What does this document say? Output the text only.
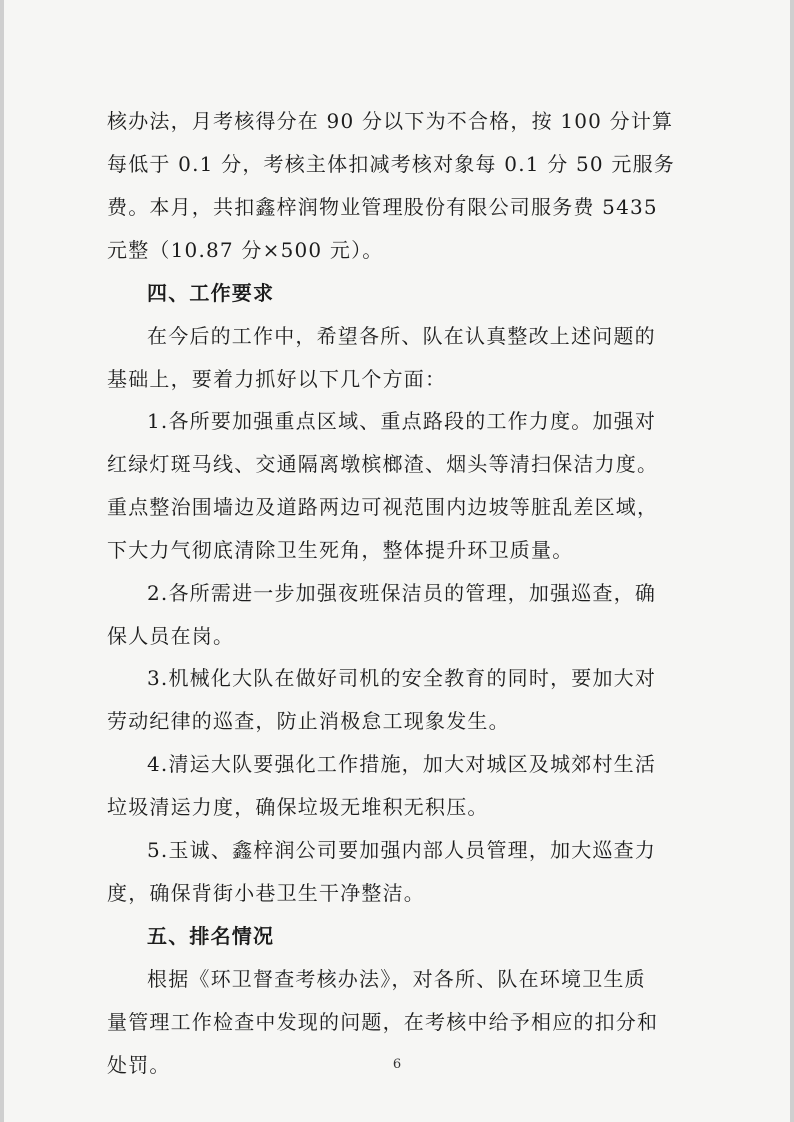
核办法，月考核得分在 90 分以下为不合格，按 100 分计算
每低于 0.1 分，考核主体扣减考核对象每 0.1 分 50 元服务
费。本月，共扣鑫梓润物业管理股份有限公司服务费 5435
元整（10.87 分×500 元）。
四、工作要求
在今后的工作中，希望各所、队在认真整改上述问题的
基础上，要着力抓好以下几个方面：
1.各所要加强重点区域、重点路段的工作力度。加强对
红绿灯斑马线、交通隔离墩槟榔渣、烟头等清扫保洁力度。
重点整治围墙边及道路两边可视范围内边坡等脏乱差区域，
下大力气彻底清除卫生死角，整体提升环卫质量。
2.各所需进一步加强夜班保洁员的管理，加强巡查，确
保人员在岗。
3.机械化大队在做好司机的安全教育的同时，要加大对
劳动纪律的巡查，防止消极怠工现象发生。
4.清运大队要强化工作措施，加大对城区及城郊村生活
垃圾清运力度，确保垃圾无堆积无积压。
5.玉诚、鑫梓润公司要加强内部人员管理，加大巡查力
度，确保背街小巷卫生干净整洁。
五、排名情况
根据《环卫督查考核办法》，对各所、队在环境卫生质
量管理工作检查中发现的问题，在考核中给予相应的扣分和
处罚。	6
